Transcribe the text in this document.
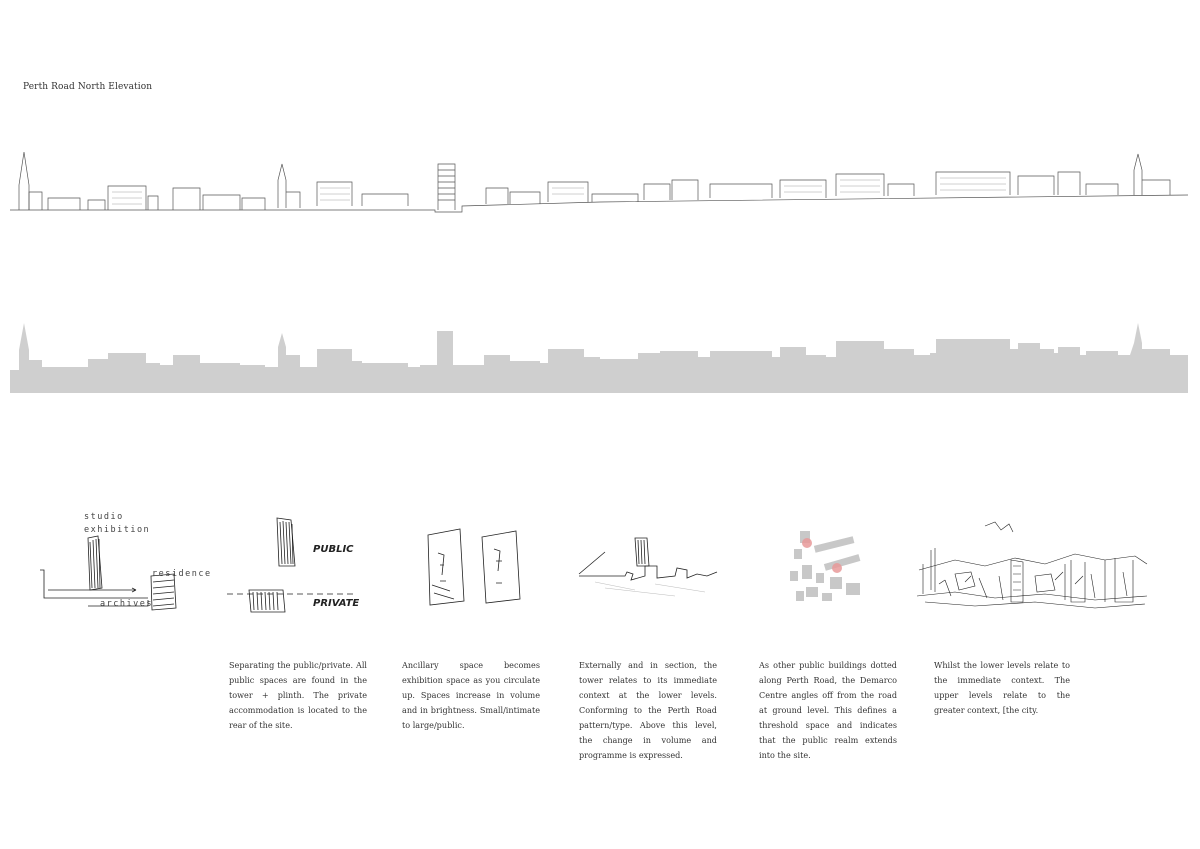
Perth Road North Elevation
studio
exhibition
residence
archives
PUBLIC
PRIVATE
Separating the public/private. All public spaces are found in the tower + plinth. The private accommodation is located to the rear of the site.
Ancillary space becomes exhibition space as you circulate up. Spaces increase in volume and in brightness. Small/intimate to large/public.
Externally and in section, the tower relates to its immediate context at the lower levels. Conforming to the Perth Road pattern/type. Above this level, the change in volume and programme is expressed.
As other public buildings dotted along Perth Road, the Demarco Centre angles off from the road at ground level. This defines a threshold space and indicates that the public realm extends into the site.
Whilst the lower levels relate to the immediate context. The upper levels relate to the greater context, [the city.
